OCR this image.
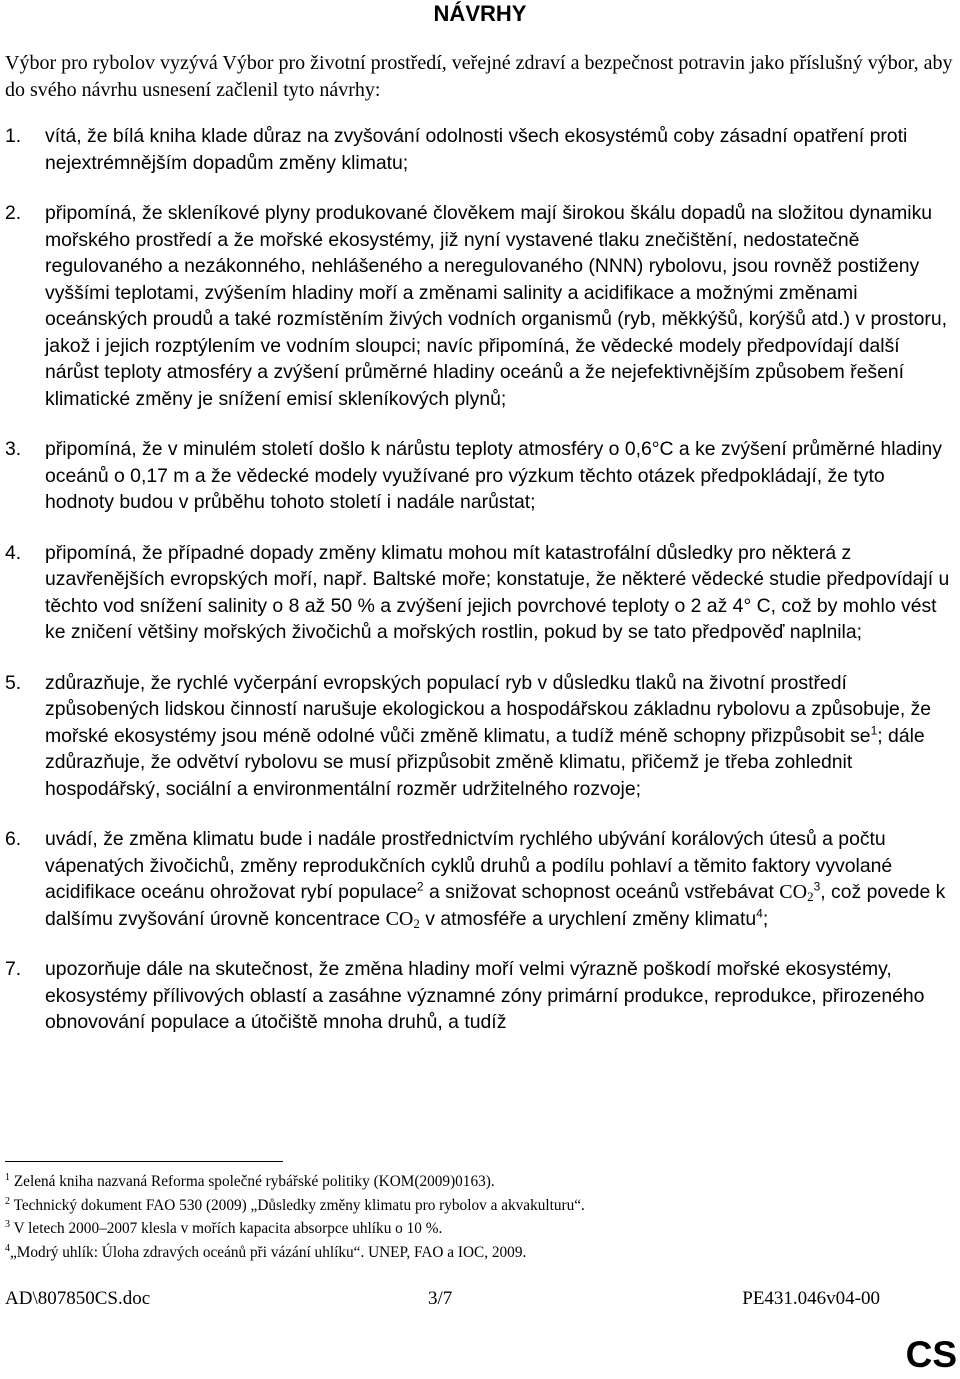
NÁVRHY
Výbor pro rybolov vyzývá Výbor pro životní prostředí, veřejné zdraví a bezpečnost potravin jako příslušný výbor, aby do svého návrhu usnesení začlenil tyto návrhy:
1. vítá, že bílá kniha klade důraz na zvyšování odolnosti všech ekosystémů coby zásadní opatření proti nejextrémnějším dopadům změny klimatu;
2. připomíná, že skleníkové plyny produkované člověkem mají širokou škálu dopadů na složitou dynamiku mořského prostředí a že mořské ekosystémy, již nyní vystavené tlaku znečištění, nedostatečně regulovaného a nezákonného, nehlášeného a neregulovaného (NNN) rybolovu, jsou rovněž postiženy vyššími teplotami, zvýšením hladiny moří a změnami salinity a acidifikace a možnými změnami oceánských proudů a také rozmístěním živých vodních organismů (ryb, měkkýšů, korýšů atd.) v prostoru, jakož i jejich rozptýlením ve vodním sloupci; navíc připomíná, že vědecké modely předpovídají další nárůst teploty atmosféry a zvýšení průměrné hladiny oceánů a že nejefektivnějším způsobem řešení klimatické změny je snížení emisí skleníkových plynů;
3. připomíná, že v minulém století došlo k nárůstu teploty atmosféry o 0,6°C a ke zvýšení průměrné hladiny oceánů o 0,17 m a že vědecké modely využívané pro výzkum těchto otázek předpokládají, že tyto hodnoty budou v průběhu tohoto století i nadále narůstat;
4. připomíná, že případné dopady změny klimatu mohou mít katastrofální důsledky pro některá z uzavřenějších evropských moří, např. Baltské moře; konstatuje, že některé vědecké studie předpovídají u těchto vod snížení salinity o 8 až 50 % a zvýšení jejich povrchové teploty o 2 až 4° C, což by mohlo vést ke zničení většiny mořských živočichů a mořských rostlin, pokud by se tato předpověď naplnila;
5. zdůrazňuje, že rychlé vyčerpání evropských populací ryb v důsledku tlaků na životní prostředí způsobených lidskou činností narušuje ekologickou a hospodářskou základnu rybolovu a způsobuje, že mořské ekosystémy jsou méně odolné vůči změně klimatu, a tudíž méně schopny přizpůsobit $se^1$; dále zdůrazňuje, že odvětví rybolovu se musí přizpůsobit změně klimatu, přičemž je třeba zohlednit hospodářský, sociální a environmentální rozměr udržitelného rozvoje;
6. uvádí, že změna klimatu bude i nadále prostřednictvím rychlého ubývání korálových útesů a počtu vápenatých živočichů, změny reprodukčních cyklů druhů a podílu pohlaví a těmito faktory vyvolané acidifikace oceánu ohrožovat rybí populace$^2$ a snižovat schopnost oceánů vstřebávat $CO_2^3$, což povede k dalšímu zvyšování úrovně koncentrace $CO_2$ v atmosféře a urychlení změny klimatu$^4$;
7. upozorňuje dále na skutečnost, že změna hladiny moří velmi výrazně poškodí mořské ekosystémy, ekosystémy přílivových oblastí a zasáhne významné zóny primární produkce, reprodukce, přirozeného obnovování populace a útočiště mnoha druhů, a tudíž
$^1$ Zelená kniha nazvaná Reforma společné rybářské politiky (KOM(2009)0163).
$^2$ Technický dokument FAO 530 (2009) „Důsledky změny klimatu pro rybolov a akvakulturu“.
$^3$ V letech 2000–2007 klesla v mořích kapacita absorpce uhlíku o 10 %.
$^4$„Modrý uhlík: Úloha zdravých oceánů při vázání uhlíku“. UNEP, FAO a IOC, 2009.
AD\807850CS.doc	3/7	PE431.046v04-00
CS
